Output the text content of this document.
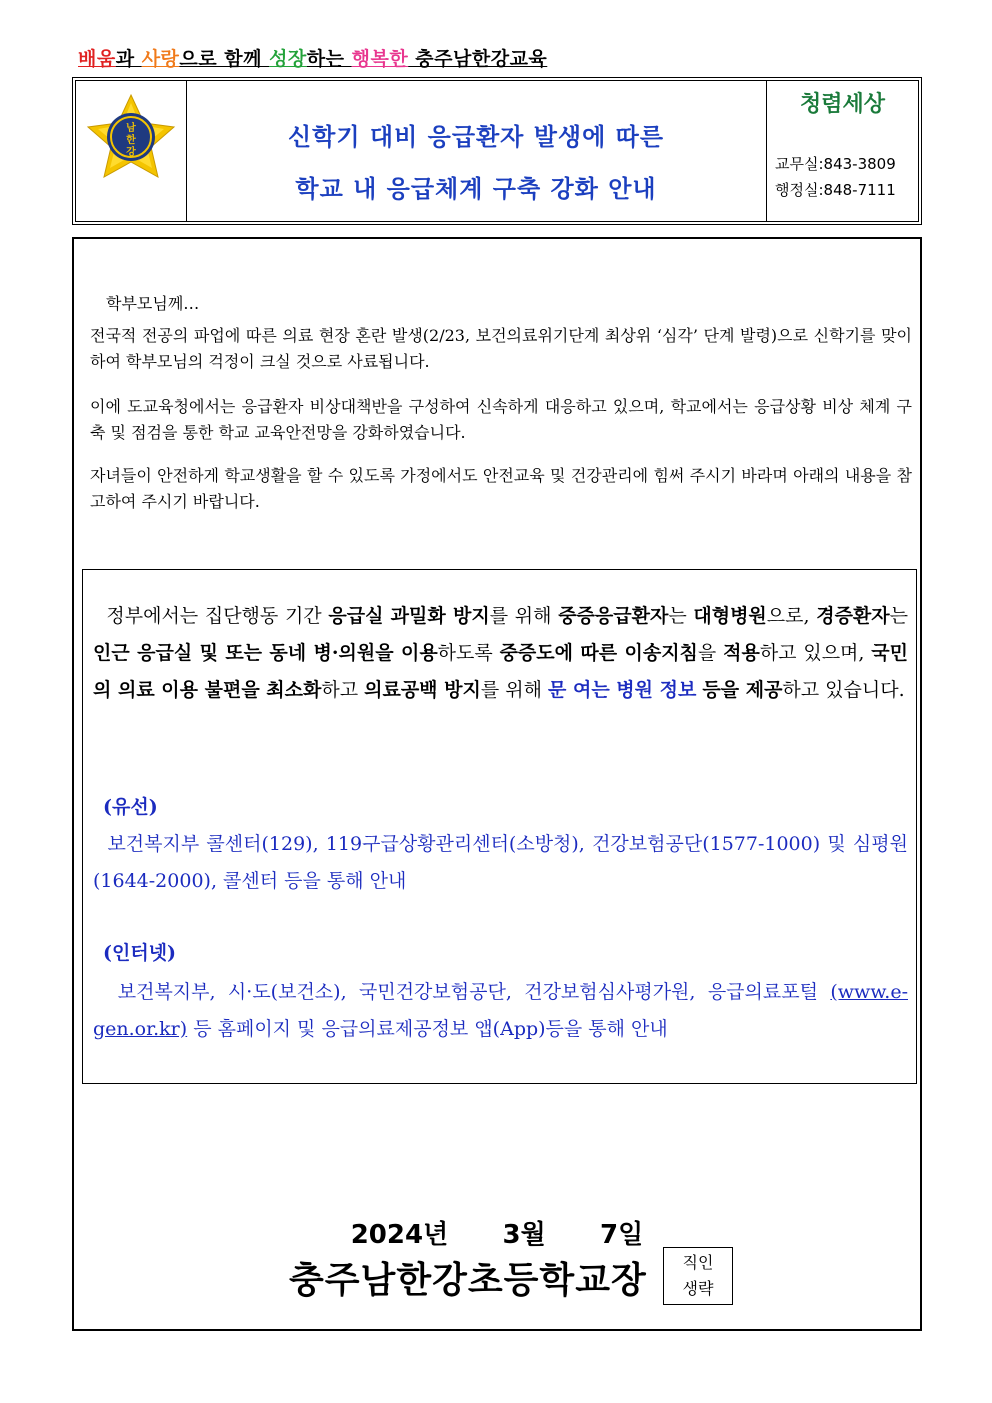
배움과 사랑으로 함께 성장하는 행복한 충주남한강교육
남
한
강
신학기 대비 응급환자 발생에 따른
학교 내 응급체계 구축 강화 안내
청렴세상
교무실:843-3809
행정실:848-7111
학부모님께…
전국적 전공의 파업에 따른 의료 현장 혼란 발생(2/23, 보건의료위기단계 최상위 ‘심각’ 단계 발령)으로 신학기를 맞이하여 학부모님의 걱정이 크실 것으로 사료됩니다.
이에 도교육청에서는 응급환자 비상대책반을 구성하여 신속하게 대응하고 있으며, 학교에서는 응급상황 비상 체계 구축 및 점검을 통한 학교 교육안전망을 강화하였습니다.
자녀들이 안전하게 학교생활을 할 수 있도록 가정에서도 안전교육 및 건강관리에 힘써 주시기 바라며 아래의 내용을 참고하여 주시기 바랍니다.
정부에서는 집단행동 기간 응급실 과밀화 방지를 위해 중증응급환자는 대형병원으로, 경증환자는 인근 응급실 및 또는 동네 병·의원을 이용하도록 중증도에 따른 이송지침을 적용하고 있으며, 국민의 의료 이용 불편을 최소화하고 의료공백 방지를 위해 문 여는 병원 정보 등을 제공하고 있습니다.
(유선)
보건복지부 콜센터(129), 119구급상황관리센터(소방청), 건강보험공단(1577-1000) 및 심평원(1644-2000), 콜센터 등을 통해 안내
(인터넷)
보건복지부, 시·도(보건소), 국민건강보험공단, 건강보험심사평가원, 응급의료포털 (www.e-gen.or.kr) 등 홈페이지 및 응급의료제공정보 앱(App)등을 통해 안내
2024년 3월 7일
충주남한강초등학교장	직인
생략
